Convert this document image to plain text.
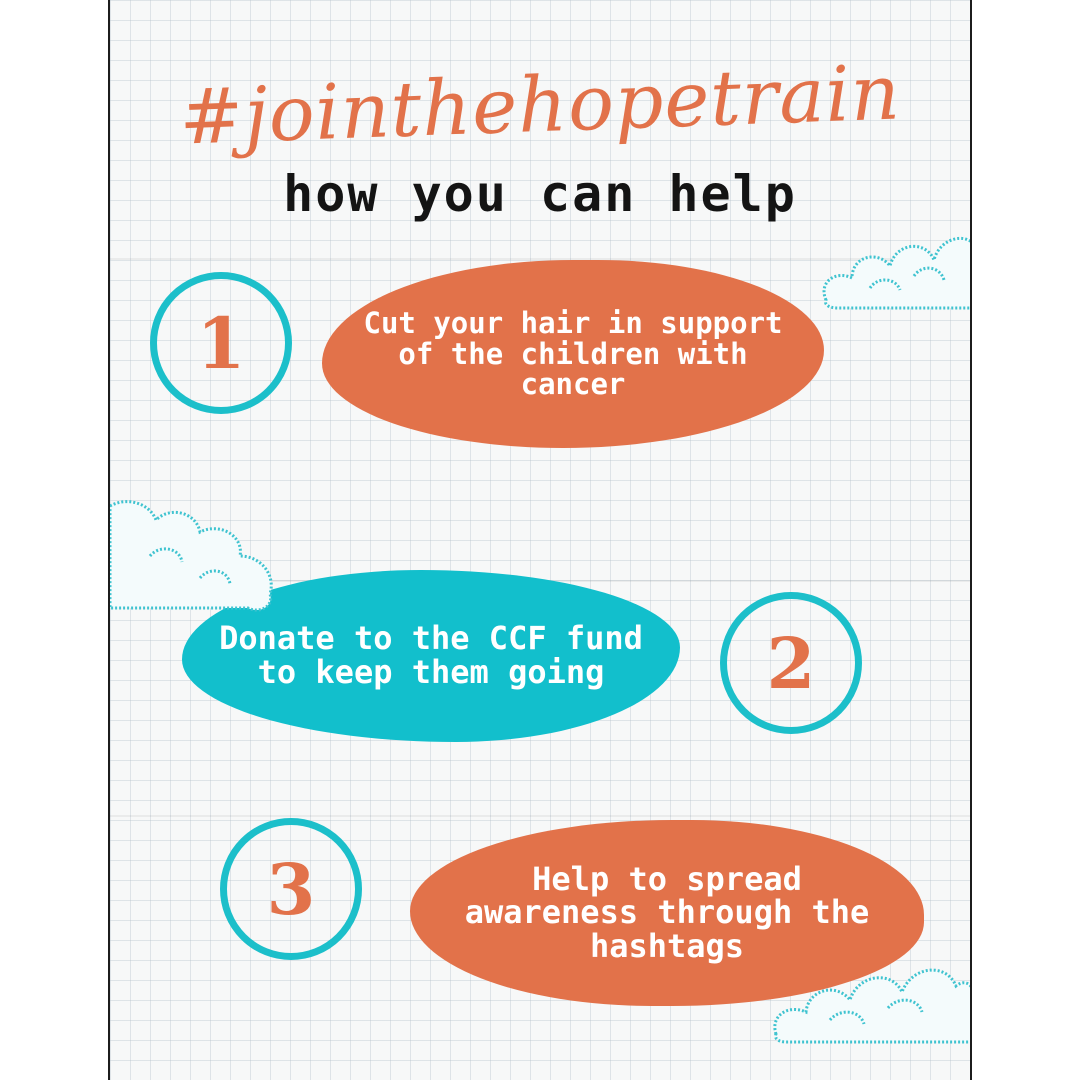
#jointhehopetrain
how you can help
1	Cut your hair in support of the children with cancer
Donate to the CCF fund to keep them going	2
3	Help to spread awareness through the hashtags
